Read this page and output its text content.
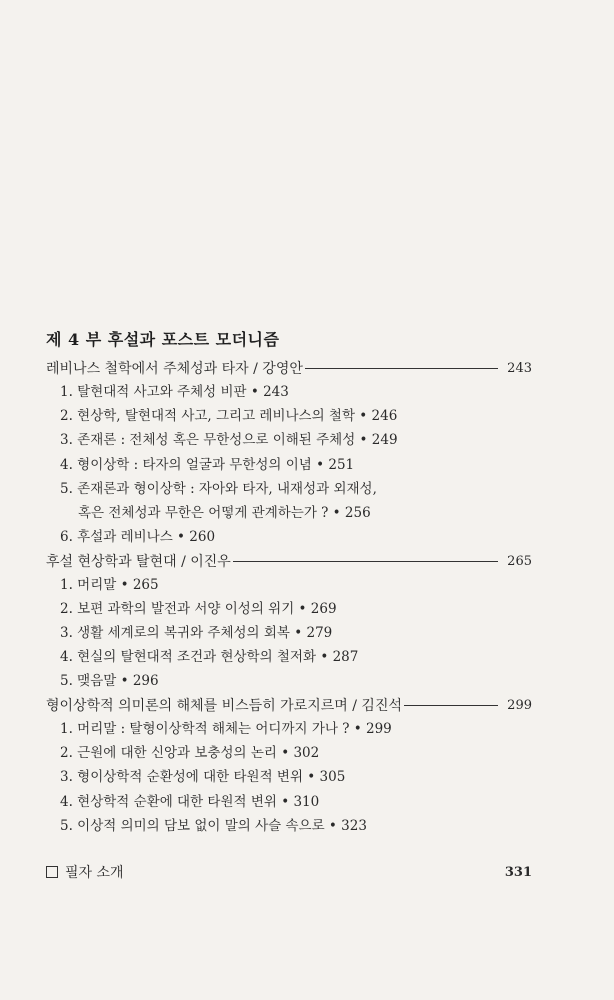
제 4 부 후설과 포스트 모더니즘
레비나스 철학에서 주체성과 타자 / 강영안	243
1. 탈현대적 사고와 주체성 비판 • 243
2. 현상학, 탈현대적 사고, 그리고 레비나스의 철학 • 246
3. 존재론 : 전체성 혹은 무한성으로 이해된 주체성 • 249
4. 형이상학 : 타자의 얼굴과 무한성의 이념 • 251
5. 존재론과 형이상학 : 자아와 타자, 내재성과 외재성,
혹은 전체성과 무한은 어떻게 관계하는가 ? • 256
6. 후설과 레비나스 • 260
후설 현상학과 탈현대 / 이진우	265
1. 머리말 • 265
2. 보편 과학의 발전과 서양 이성의 위기 • 269
3. 생활 세계로의 복귀와 주체성의 회복 • 279
4. 현실의 탈현대적 조건과 현상학의 철저화 • 287
5. 맺음말 • 296
형이상학적 의미론의 해체를 비스듬히 가로지르며 / 김진석	299
1. 머리말 : 탈형이상학적 해체는 어디까지 가나 ? • 299
2. 근원에 대한 신앙과 보충성의 논리 • 302
3. 형이상학적 순환성에 대한 타원적 변위 • 305
4. 현상학적 순환에 대한 타원적 변위 • 310
5. 이상적 의미의 담보 없이 말의 사슬 속으로 • 323
필자 소개	331
